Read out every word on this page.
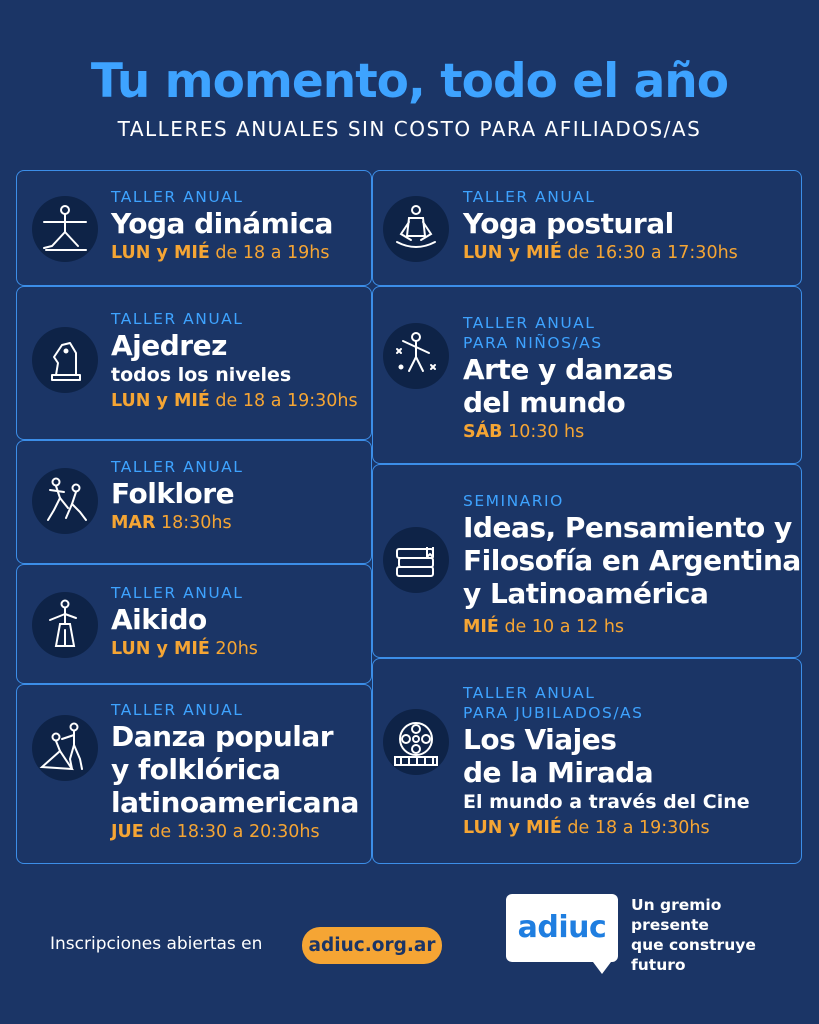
Tu momento, todo el año
TALLERES ANUALES SIN COSTO PARA AFILIADOS/AS
TALLER ANUAL
Yoga dinámica
LUN y MIÉ de 18 a 19hs
TALLER ANUAL
Ajedrez
todos los niveles
LUN y MIÉ de 18 a 19:30hs
TALLER ANUAL
Folklore
MAR 18:30hs
TALLER ANUAL
Aikido
LUN y MIÉ 20hs
TALLER ANUAL
Danza popular
y folklórica
latinoamericana
JUE de 18:30 a 20:30hs
TALLER ANUAL
Yoga postural
LUN y MIÉ de 16:30 a 17:30hs
TALLER ANUAL
PARA NIÑOS/AS
Arte y danzas
del mundo
SÁB 10:30 hs
SEMINARIO
Ideas, Pensamiento y
Filosofía en Argentina
y Latinoamérica
MIÉ de 10 a 12 hs
TALLER ANUAL
PARA JUBILADOS/AS
Los Viajes
de la Mirada
El mundo a través del Cine
LUN y MIÉ de 18 a 19:30hs
Inscripciones abiertas en	adiuc.org.ar
adiuc
Un gremio
presente
que construye
futuro
